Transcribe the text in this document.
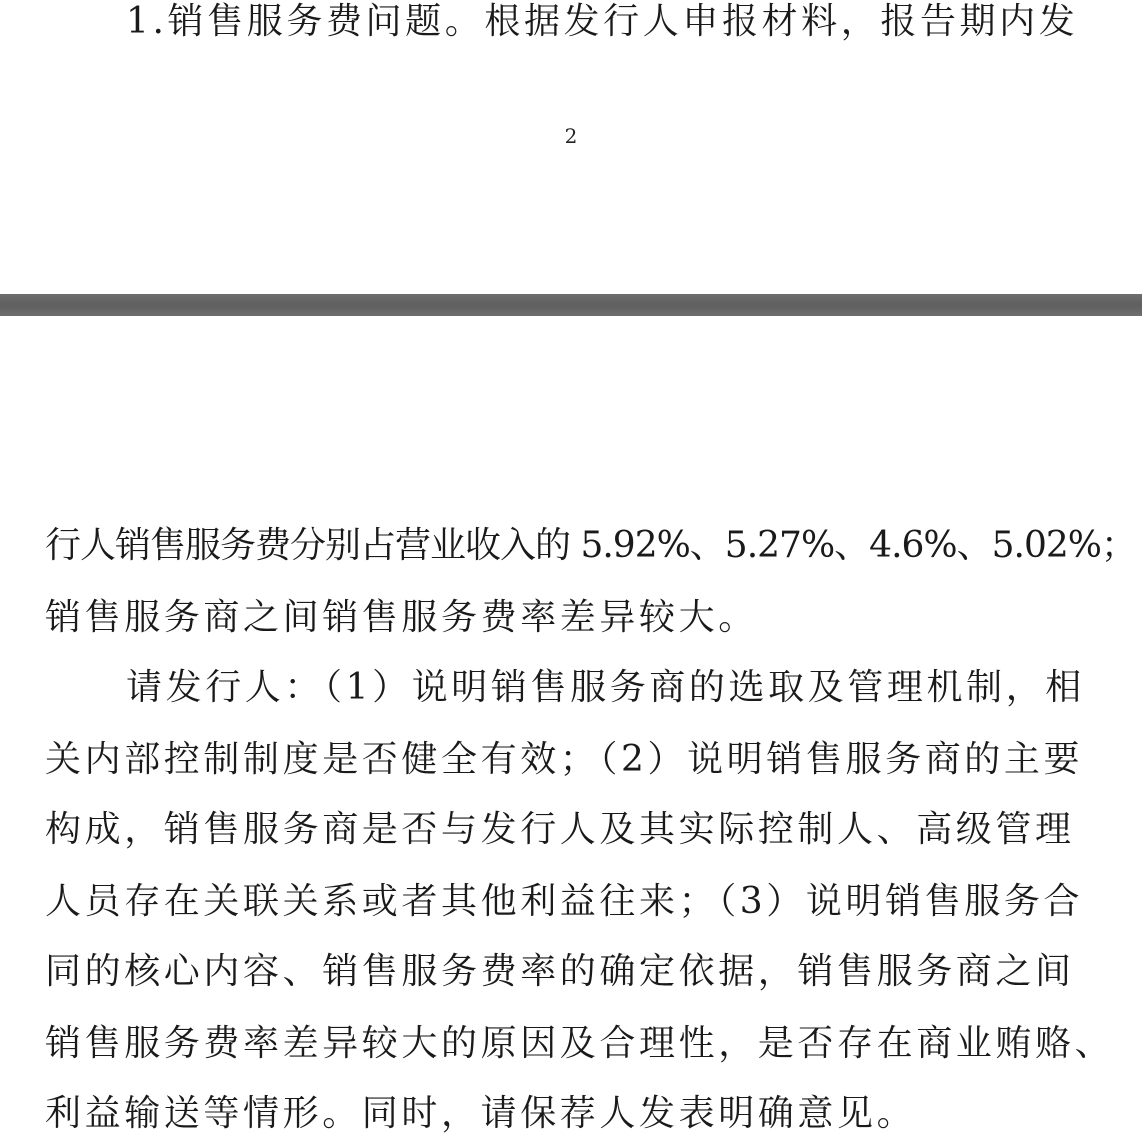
1.销售服务费问题。根据发行人申报材料，报告期内发
2
行人销售服务费分别占营业收入的 5.92%、5.27%、4.6%、5.02%；
销售服务商之间销售服务费率差异较大。
请发行人：（1）说明销售服务商的选取及管理机制，相
关内部控制制度是否健全有效；（2）说明销售服务商的主要
构成，销售服务商是否与发行人及其实际控制人、高级管理
人员存在关联关系或者其他利益往来；（3）说明销售服务合
同的核心内容、销售服务费率的确定依据，销售服务商之间
销售服务费率差异较大的原因及合理性，是否存在商业贿赂、
利益输送等情形。同时，请保荐人发表明确意见。
